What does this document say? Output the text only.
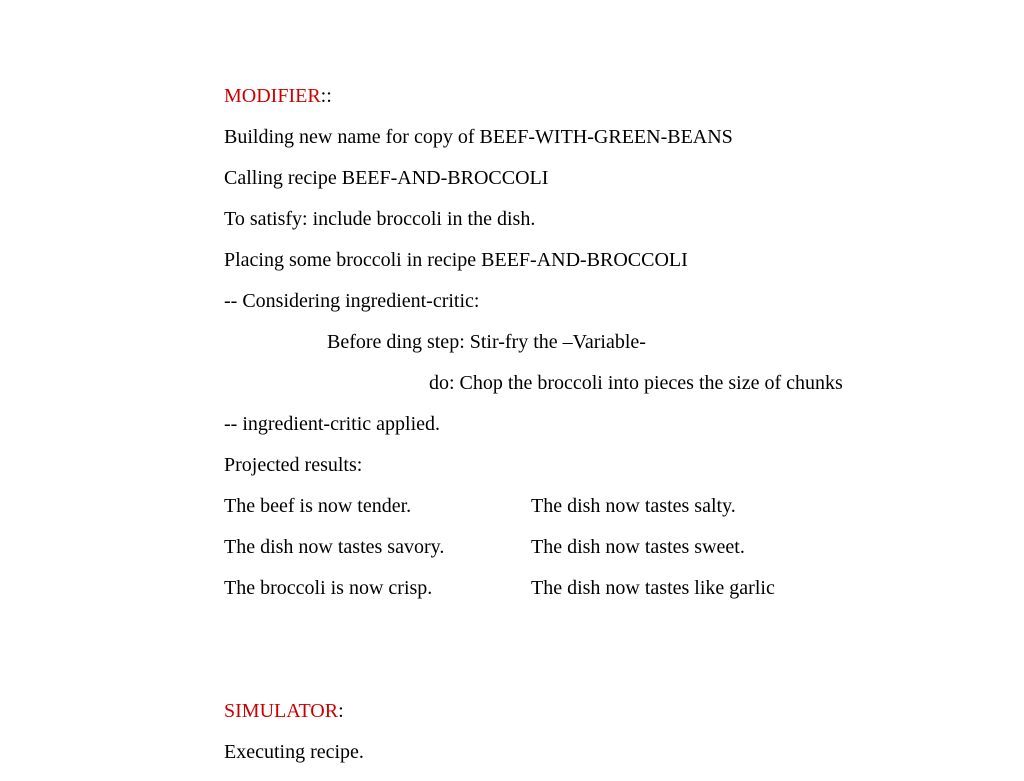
MODIFIER::
Building new name for copy of BEEF-WITH-GREEN-BEANS
Calling recipe BEEF-AND-BROCCOLI
To satisfy: include broccoli in the dish.
Placing some broccoli in recipe BEEF-AND-BROCCOLI
-- Considering ingredient-critic:
Before ding step: Stir-fry the –Variable-
do: Chop the broccoli into pieces the size of chunks
-- ingredient-critic applied.
Projected results:
The beef is now tender.	The dish now tastes salty.
The dish now tastes savory.	The dish now tastes sweet.
The broccoli is now crisp.	The dish now tastes like garlic
SIMULATOR:
Executing recipe.
